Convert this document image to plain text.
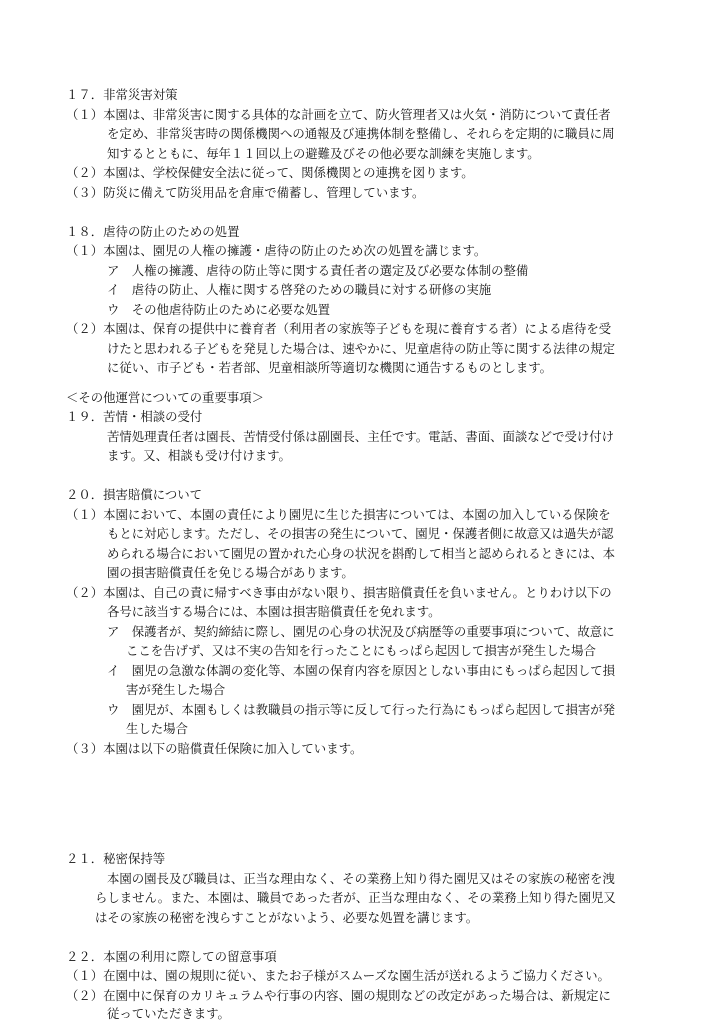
１７．非常災害対策
（１）本園は、非常災害に関する具体的な計画を立て、防火管理者又は火気・消防について責任者
を定め、非常災害時の関係機関への通報及び連携体制を整備し、それらを定期的に職員に周
知するとともに、毎年１１回以上の避難及びその他必要な訓練を実施します。
（２）本園は、学校保健安全法に従って、関係機関との連携を図ります。
（３）防災に備えて防災用品を倉庫で備蓄し、管理しています。
１８．虐待の防止のための処置
（１）本園は、園児の人権の擁護・虐待の防止のため次の処置を講じます。
ア　人権の擁護、虐待の防止等に関する責任者の選定及び必要な体制の整備
イ　虐待の防止、人権に関する啓発のための職員に対する研修の実施
ウ　その他虐待防止のために必要な処置
（２）本園は、保育の提供中に養育者（利用者の家族等子どもを現に養育する者）による虐待を受
けたと思われる子どもを発見した場合は、速やかに、児童虐待の防止等に関する法律の規定
に従い、市子ども・若者部、児童相談所等適切な機関に通告するものとします。
＜その他運営についての重要事項＞
１９．苦情・相談の受付
苦情処理責任者は園長、苦情受付係は副園長、主任です。電話、書面、面談などで受け付け
ます。又、相談も受け付けます。
２０．損害賠償について
（１）本園において、本園の責任により園児に生じた損害については、本園の加入している保険を
もとに対応します。ただし、その損害の発生について、園児・保護者側に故意又は過失が認
められる場合において園児の置かれた心身の状況を斟酌して相当と認められるときには、本
園の損害賠償責任を免じる場合があります。
（２）本園は、自己の責に帰すべき事由がない限り、損害賠償責任を負いません。とりわけ以下の
各号に該当する場合には、本園は損害賠償責任を免れます。
ア　保護者が、契約締結に際し、園児の心身の状況及び病歴等の重要事項について、故意に
ここを告げず、又は不実の告知を行ったことにもっぱら起因して損害が発生した場合
イ　園児の急激な体調の変化等、本園の保育内容を原因としない事由にもっぱら起因して損
害が発生した場合
ウ　園児が、本園もしくは教職員の指示等に反して行った行為にもっぱら起因して損害が発
生した場合
（３）本園は以下の賠償責任保険に加入しています。
２１．秘密保持等
本園の園長及び職員は、正当な理由なく、その業務上知り得た園児又はその家族の秘密を洩
らしません。また、本園は、職員であった者が、正当な理由なく、その業務上知り得た園児又
はその家族の秘密を洩らすことがないよう、必要な処置を講じます。
２２．本園の利用に際しての留意事項
（１）在園中は、園の規則に従い、またお子様がスムーズな園生活が送れるようご協力ください。
（２）在園中に保育のカリキュラムや行事の内容、園の規則などの改定があった場合は、新規定に
従っていただきます。
